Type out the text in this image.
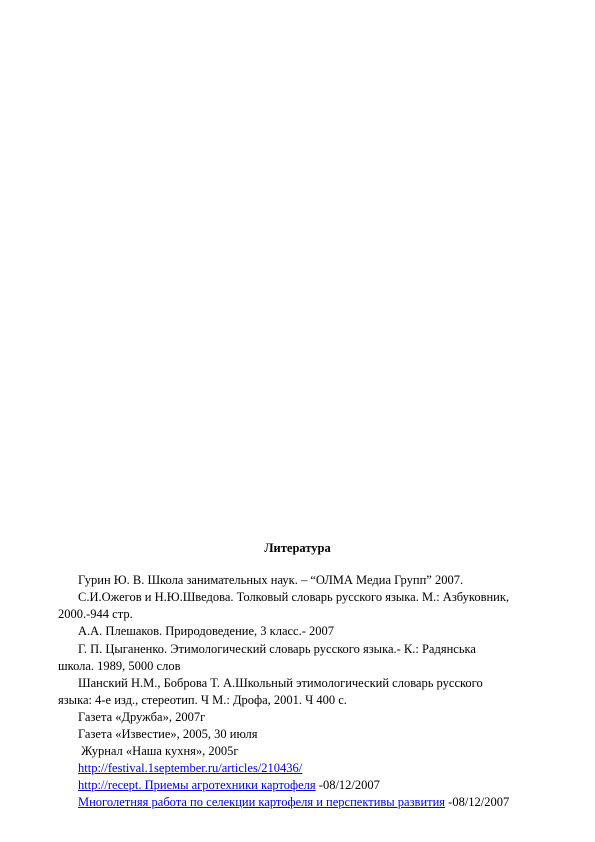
Литература
Гурин Ю. В. Школа занимательных наук. – “ОЛМА Медиа Групп” 2007.
С.И.Ожегов и Н.Ю.Шведова. Толковый словарь русского языка. М.: Азбуковник,
2000.-944 стр.
А.А. Плешаков. Природоведение, 3 класс.- 2007
Г. П. Цыганенко. Этимологический словарь русского языка.- К.: Радянська
школа. 1989, 5000 слов
Шанский Н.М., Боброва Т. А.Школьный этимологический словарь русского
языка: 4-е изд., стереотип. Ч М.: Дрофа, 2001. Ч 400 с.
Газета «Дружба», 2007г
Газета «Известие», 2005, 30 июля
Журнал «Наша кухня», 2005г
http://festival.1september.ru/articles/210436/
http://recept. Приемы агротехники картофеля -08/12/2007
Многолетняя работа по селекции картофеля и перспективы развития -08/12/2007
